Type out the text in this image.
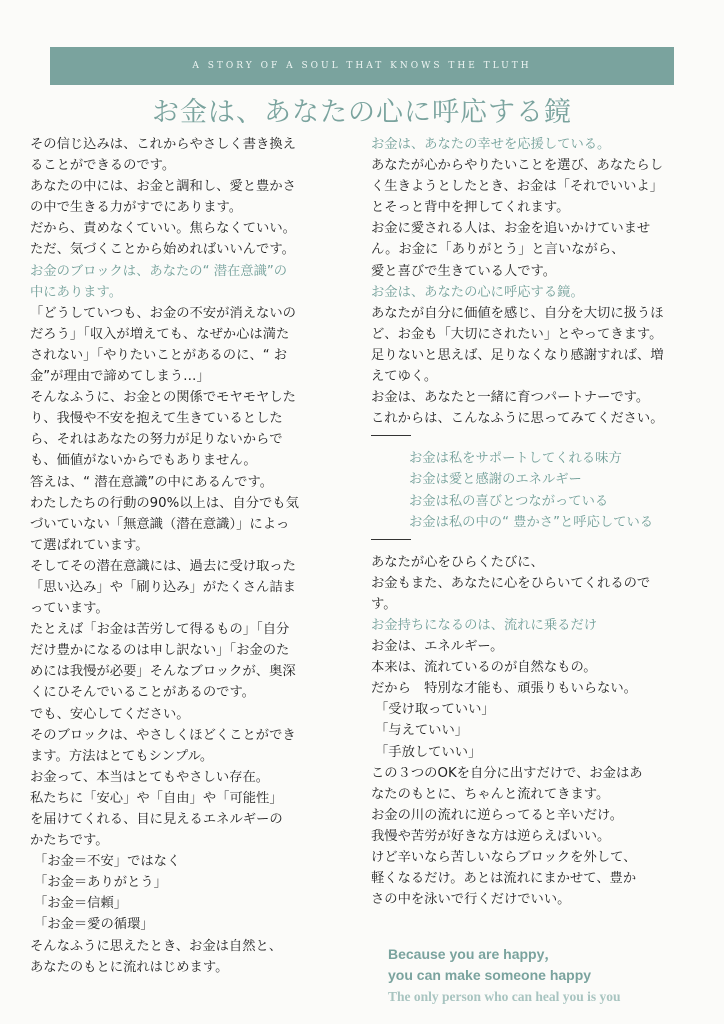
A STORY OF A SOUL THAT KNOWS THE TLUTH
お金は、あなたの心に呼応する鏡

その信じ込みは、これからやさしく書き換え

ることができるのです。

あなたの中には、お金と調和し、愛と豊かさ

の中で生きる力がすでにあります。

だから、責めなくていい。焦らなくていい。

ただ、気づくことから始めればいいんです。

お金のブロックは、あなたの“ 潜在意識”の

中にあります。

「どうしていつも、お金の不安が消えないの

だろう」「収入が増えても、なぜか心は満た

されない」「やりたいことがあるのに、“ お

金”が理由で諦めてしまう…」

そんなふうに、お金との関係でモヤモヤした

り、我慢や不安を抱えて生きているとした

ら、それはあなたの努力が足りないからで

も、価値がないからでもありません。

答えは、“ 潜在意識”の中にあるんです。

わたしたちの行動の90%以上は、自分でも気

づいていない「無意識（潜在意識）」によっ

て選ばれています。

そしてその潜在意識には、過去に受け取った

「思い込み」や「刷り込み」がたくさん詰ま

っています。

たとえば「お金は苦労して得るもの」「自分

だけ豊かになるのは申し訳ない」「お金のた

めには我慢が必要」そんなブロックが、奥深

くにひそんでいることがあるのです。

でも、安心してください。

そのブロックは、やさしくほどくことができ

ます。方法はとてもシンプル。

お金って、本当はとてもやさしい存在。

私たちに「安心」や「自由」や「可能性」

を届けてくれる、目に見えるエネルギーの

かたちです。

「お金＝不安」ではなく

「お金＝ありがとう」

「お金＝信頼」

「お金＝愛の循環」

そんなふうに思えたとき、お金は自然と、

あなたのもとに流れはじめます。

お金は、あなたの幸せを応援している。

あなたが心からやりたいことを選び、あなたらし

く生きようとしたとき、お金は「それでいいよ」

とそっと背中を押してくれます。

お金に愛される人は、お金を追いかけていませ

ん。お金に「ありがとう」と言いながら、

愛と喜びで生きている人です。

お金は、あなたの心に呼応する鏡。

あなたが自分に価値を感じ、自分を大切に扱うほ

ど、お金も「大切にされたい」とやってきます。

足りないと思えば、足りなくなり感謝すれば、増

えてゆく。

お金は、あなたと一緒に育つパートナーです。

これからは、こんなふうに思ってみてください。

お金は私をサポートしてくれる味方

お金は愛と感謝のエネルギー

お金は私の喜びとつながっている

お金は私の中の“ 豊かさ”と呼応している

あなたが心をひらくたびに、

お金もまた、あなたに心をひらいてくれるので

す。

お金持ちになるのは、流れに乗るだけ

お金は、エネルギー。

本来は、流れているのが自然なもの。

だから　特別な才能も、頑張りもいらない。

「受け取っていい」

「与えていい」

「手放していい」

この３つのOKを自分に出すだけで、お金はあ

なたのもとに、ちゃんと流れてきます。

お金の川の流れに逆らってると辛いだけ。

我慢や苦労が好きな方は逆らえばいい。

けど辛いなら苦しいならブロックを外して、

軽くなるだけ。あとは流れにまかせて、豊か

さの中を泳いで行くだけでいい。

Because you are happy，
you can make someone happy
The only person who can heal you is you
